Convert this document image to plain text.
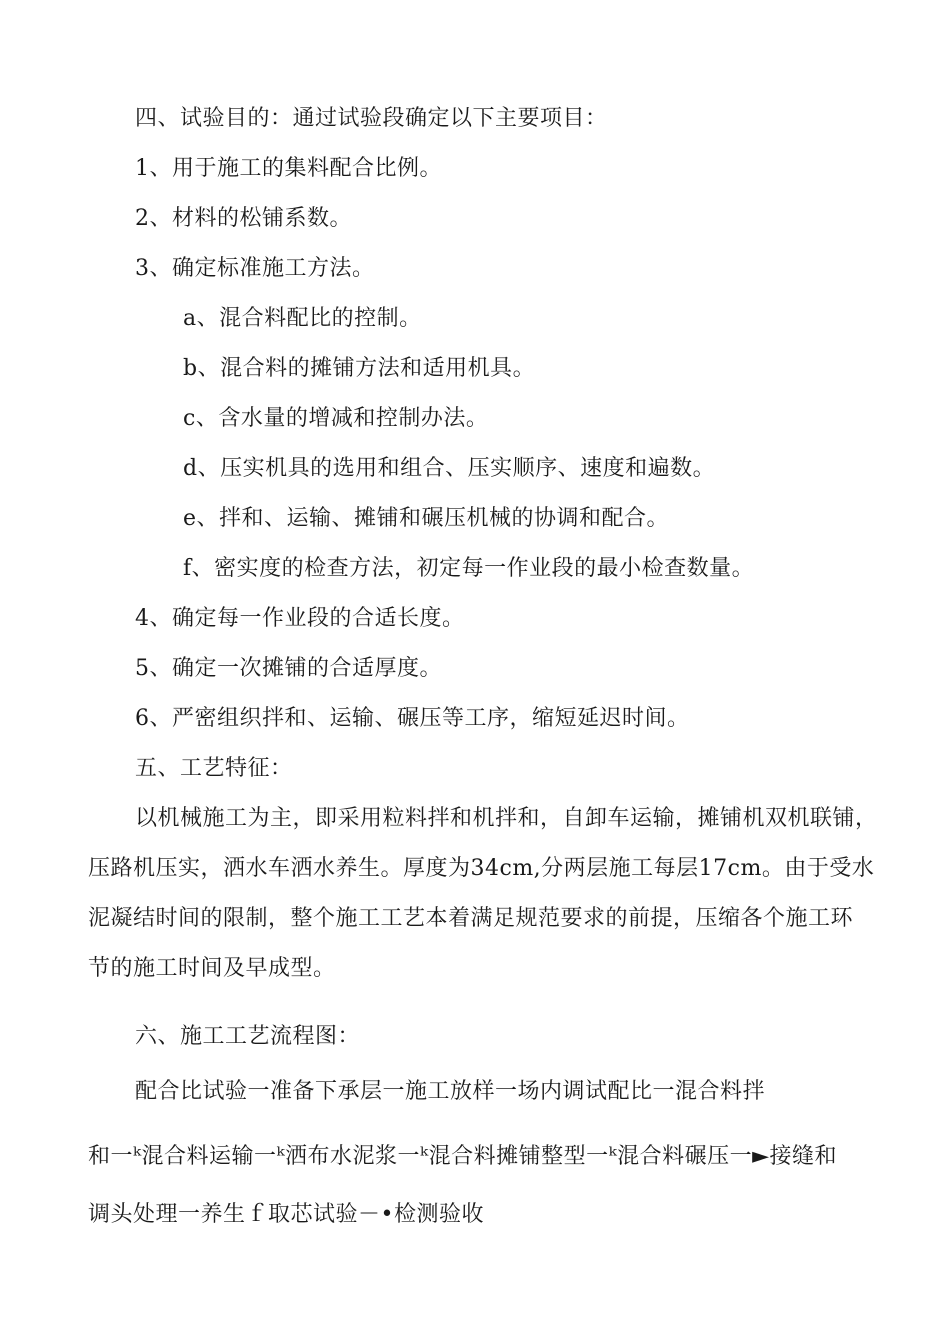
四、试验目的：通过试验段确定以下主要项目：
1、用于施工的集料配合比例。
2、材料的松铺系数。
3、确定标准施工方法。
a、混合料配比的控制。
b、混合料的摊铺方法和适用机具。
c、含水量的增减和控制办法。
d、压实机具的选用和组合、压实顺序、速度和遍数。
e、拌和、运输、摊铺和碾压机械的协调和配合。
f、密实度的检查方法，初定每一作业段的最小检查数量。
4、确定每一作业段的合适长度。
5、确定一次摊铺的合适厚度。
6、严密组织拌和、运输、碾压等工序，缩短延迟时间。
五、工艺特征：
以机械施工为主，即采用粒料拌和机拌和，自卸车运输，摊铺机双机联铺，
压路机压实，洒水车洒水养生。厚度为34cm,分两层施工每层17cm。由于受水
泥凝结时间的限制，整个施工工艺本着满足规范要求的前提，压缩各个施工环
节的施工时间及早成型。
六、施工工艺流程图：
配合比试验一准备下承层一施工放样一场内调试配比一混合料拌
和一ᵏ混合料运输一ᵏ洒布水泥浆一ᵏ混合料摊铺整型一ᵏ混合料碾压一►接缝和
调头处理一养生ｆ取芯试验－•检测验收
